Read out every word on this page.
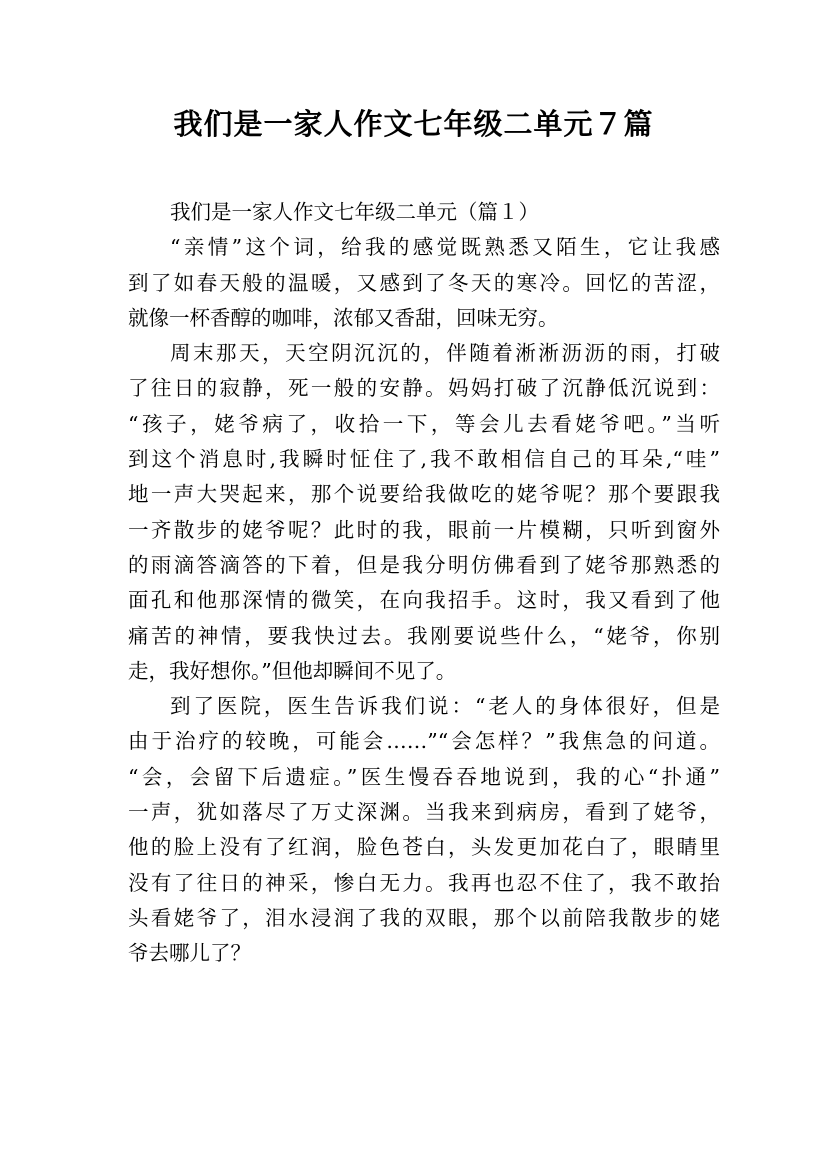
我们是一家人作文七年级二单元７篇
我们是一家人作文七年级二单元（篇１）
“亲情”这个词，给我的感觉既熟悉又陌生，它让我感
到了如春天般的温暖，又感到了冬天的寒冷。回忆的苦涩，
就像一杯香醇的咖啡，浓郁又香甜，回味无穷。
周末那天，天空阴沉沉的，伴随着淅淅沥沥的雨，打破
了往日的寂静，死一般的安静。妈妈打破了沉静低沉说到：
“孩子，姥爷病了，收拾一下，等会儿去看姥爷吧。”当听
到这个消息时,我瞬时怔住了,我不敢相信自己的耳朵,“哇”
地一声大哭起来，那个说要给我做吃的姥爷呢？那个要跟我
一齐散步的姥爷呢？此时的我，眼前一片模糊，只听到窗外
的雨滴答滴答的下着，但是我分明仿佛看到了姥爷那熟悉的
面孔和他那深情的微笑，在向我招手。这时，我又看到了他
痛苦的神情，要我快过去。我刚要说些什么，“姥爷，你别
走，我好想你。”但他却瞬间不见了。
到了医院，医生告诉我们说：“老人的身体很好，但是
由于治疗的较晚，可能会……”“会怎样？”我焦急的问道。
“会，会留下后遗症。”医生慢吞吞地说到，我的心“扑通”
一声，犹如落尽了万丈深渊。当我来到病房，看到了姥爷，
他的脸上没有了红润，脸色苍白，头发更加花白了，眼睛里
没有了往日的神采，惨白无力。我再也忍不住了，我不敢抬
头看姥爷了，泪水浸润了我的双眼，那个以前陪我散步的姥
爷去哪儿了？
